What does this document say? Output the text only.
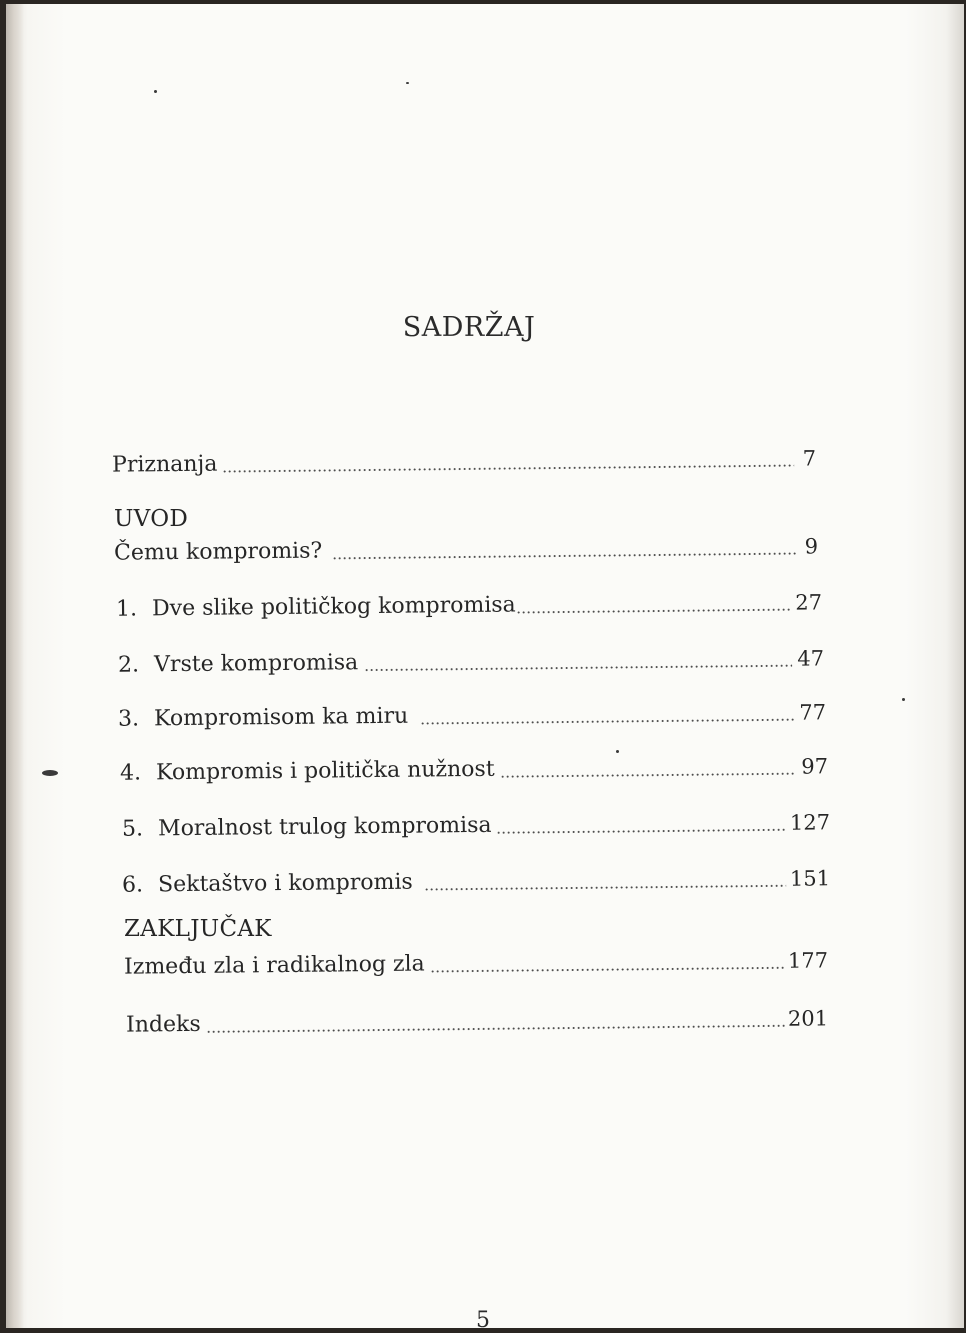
SADRŽAJ
Priznanja	7
UVOD
Čemu kompromis?	9
1. Dve slike političkog kompromisa	27
2. Vrste kompromisa	47
3. Kompromisom ka miru	77
4. Kompromis i politička nužnost	97
5. Moralnost trulog kompromisa	127
6. Sektaštvo i kompromis	151
ZAKLJUČAK
Između zla i radikalnog zla	177
Indeks	201
5
